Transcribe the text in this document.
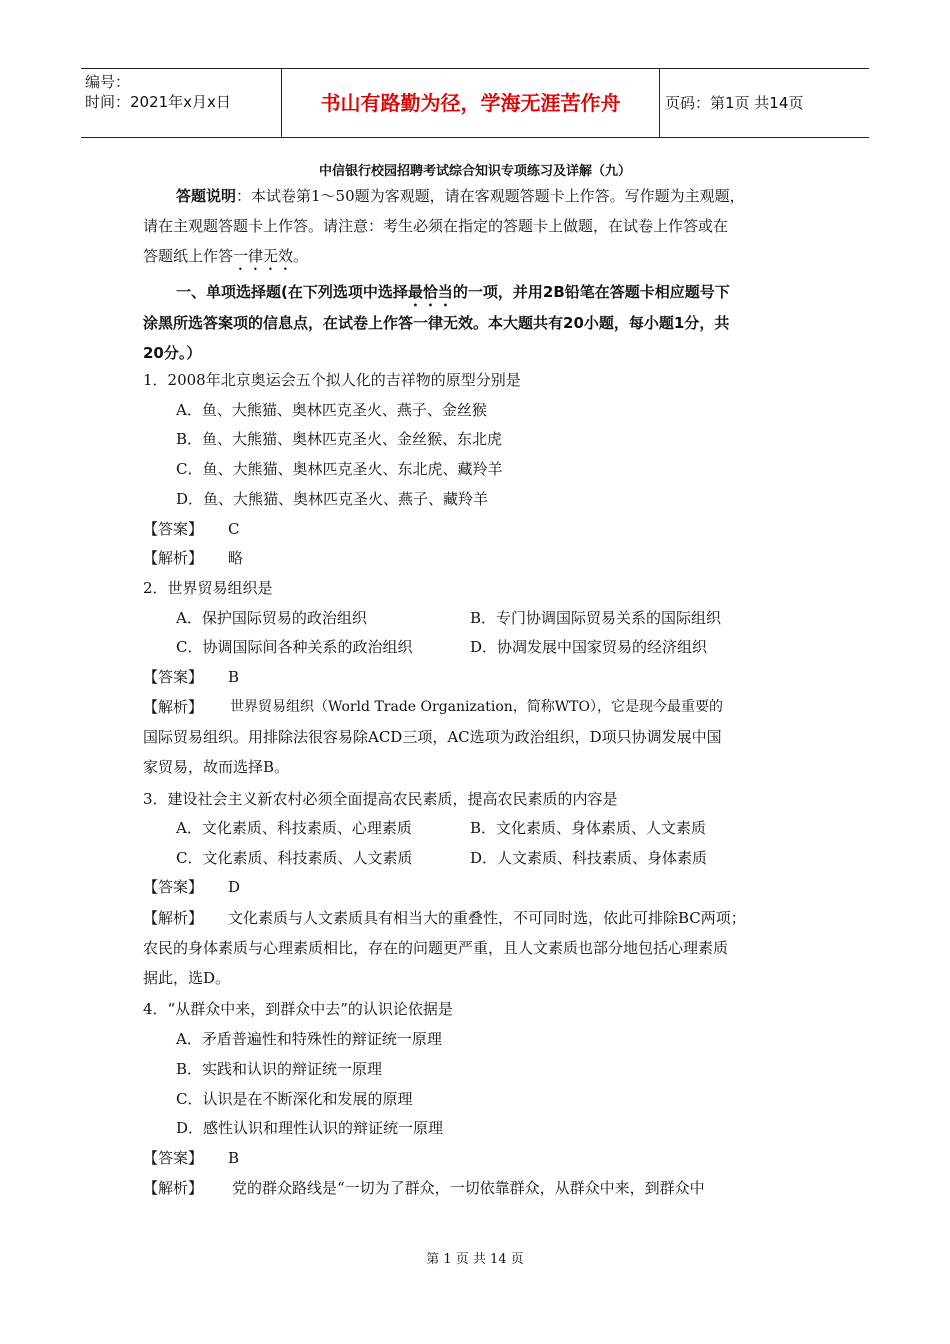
编号：
时间：2021年x月x日	书山有路勤为径，学海无涯苦作舟	页码：第1页 共14页
中信银行校园招聘考试综合知识专项练习及详解（九）
答题说明：本试卷第1～50题为客观题，请在客观题答题卡上作答。写作题为主观题，
请在主观题答题卡上作答。请注意：考生必须在指定的答题卡上做题，在试卷上作答或在
答题纸上作答一律无效。
一、单项选择题(在下列选项中选择最恰当的一项，并用2B铅笔在答题卡相应题号下
涂黑所选答案项的信息点，在试卷上作答一律无效。本大题共有20小题，每小题1分，共
20分。）
1．2008年北京奥运会五个拟人化的吉祥物的原型分别是
A．鱼、大熊猫、奥林匹克圣火、燕子、金丝猴
B．鱼、大熊猫、奥林匹克圣火、金丝猴、东北虎
C．鱼、大熊猫、奥林匹克圣火、东北虎、藏羚羊
D．鱼、大熊猫、奥林匹克圣火、燕子、藏羚羊
【答案】 C
【解析】 略
2．世界贸易组织是
A．保护国际贸易的政治组织	B．专门协调国际贸易关系的国际组织
C．协调国际间各种关系的政治组织	D．协凋发展中国家贸易的经济组织
【答案】 B
【解析】 世界贸易组织（World Trade Organization，简称WTO），它是现今最重要的
国际贸易组织。用排除法很容易除ACD三项，AC选项为政治组织，D项只协调发展中国
家贸易，故而选择B。
3．建设社会主义新农村必须全面提高农民素质，提高农民素质的内容是
A．文化素质、科技素质、心理素质	B．文化素质、身体素质、人文素质
C．文化素质、科技素质、人文素质	D．人文素质、科技素质、身体素质
【答案】 D
【解析】 文化素质与人文素质具有相当大的重叠性，不可同时选，依此可排除BC两项；
农民的身体素质与心理素质相比，存在的问题更严重，且人文素质也部分地包括心理素质
据此，选D。
4．“从群众中来，到群众中去”的认识论依据是
A．矛盾普遍性和特殊性的辩证统一原理
B．实践和认识的辩证统一原理
C．认识是在不断深化和发展的原理
D．感性认识和理性认识的辩证统一原理
【答案】 B
【解析】 党的群众路线是“一切为了群众，一切依靠群众，从群众中来，到群众中
第 1 页 共 14 页
